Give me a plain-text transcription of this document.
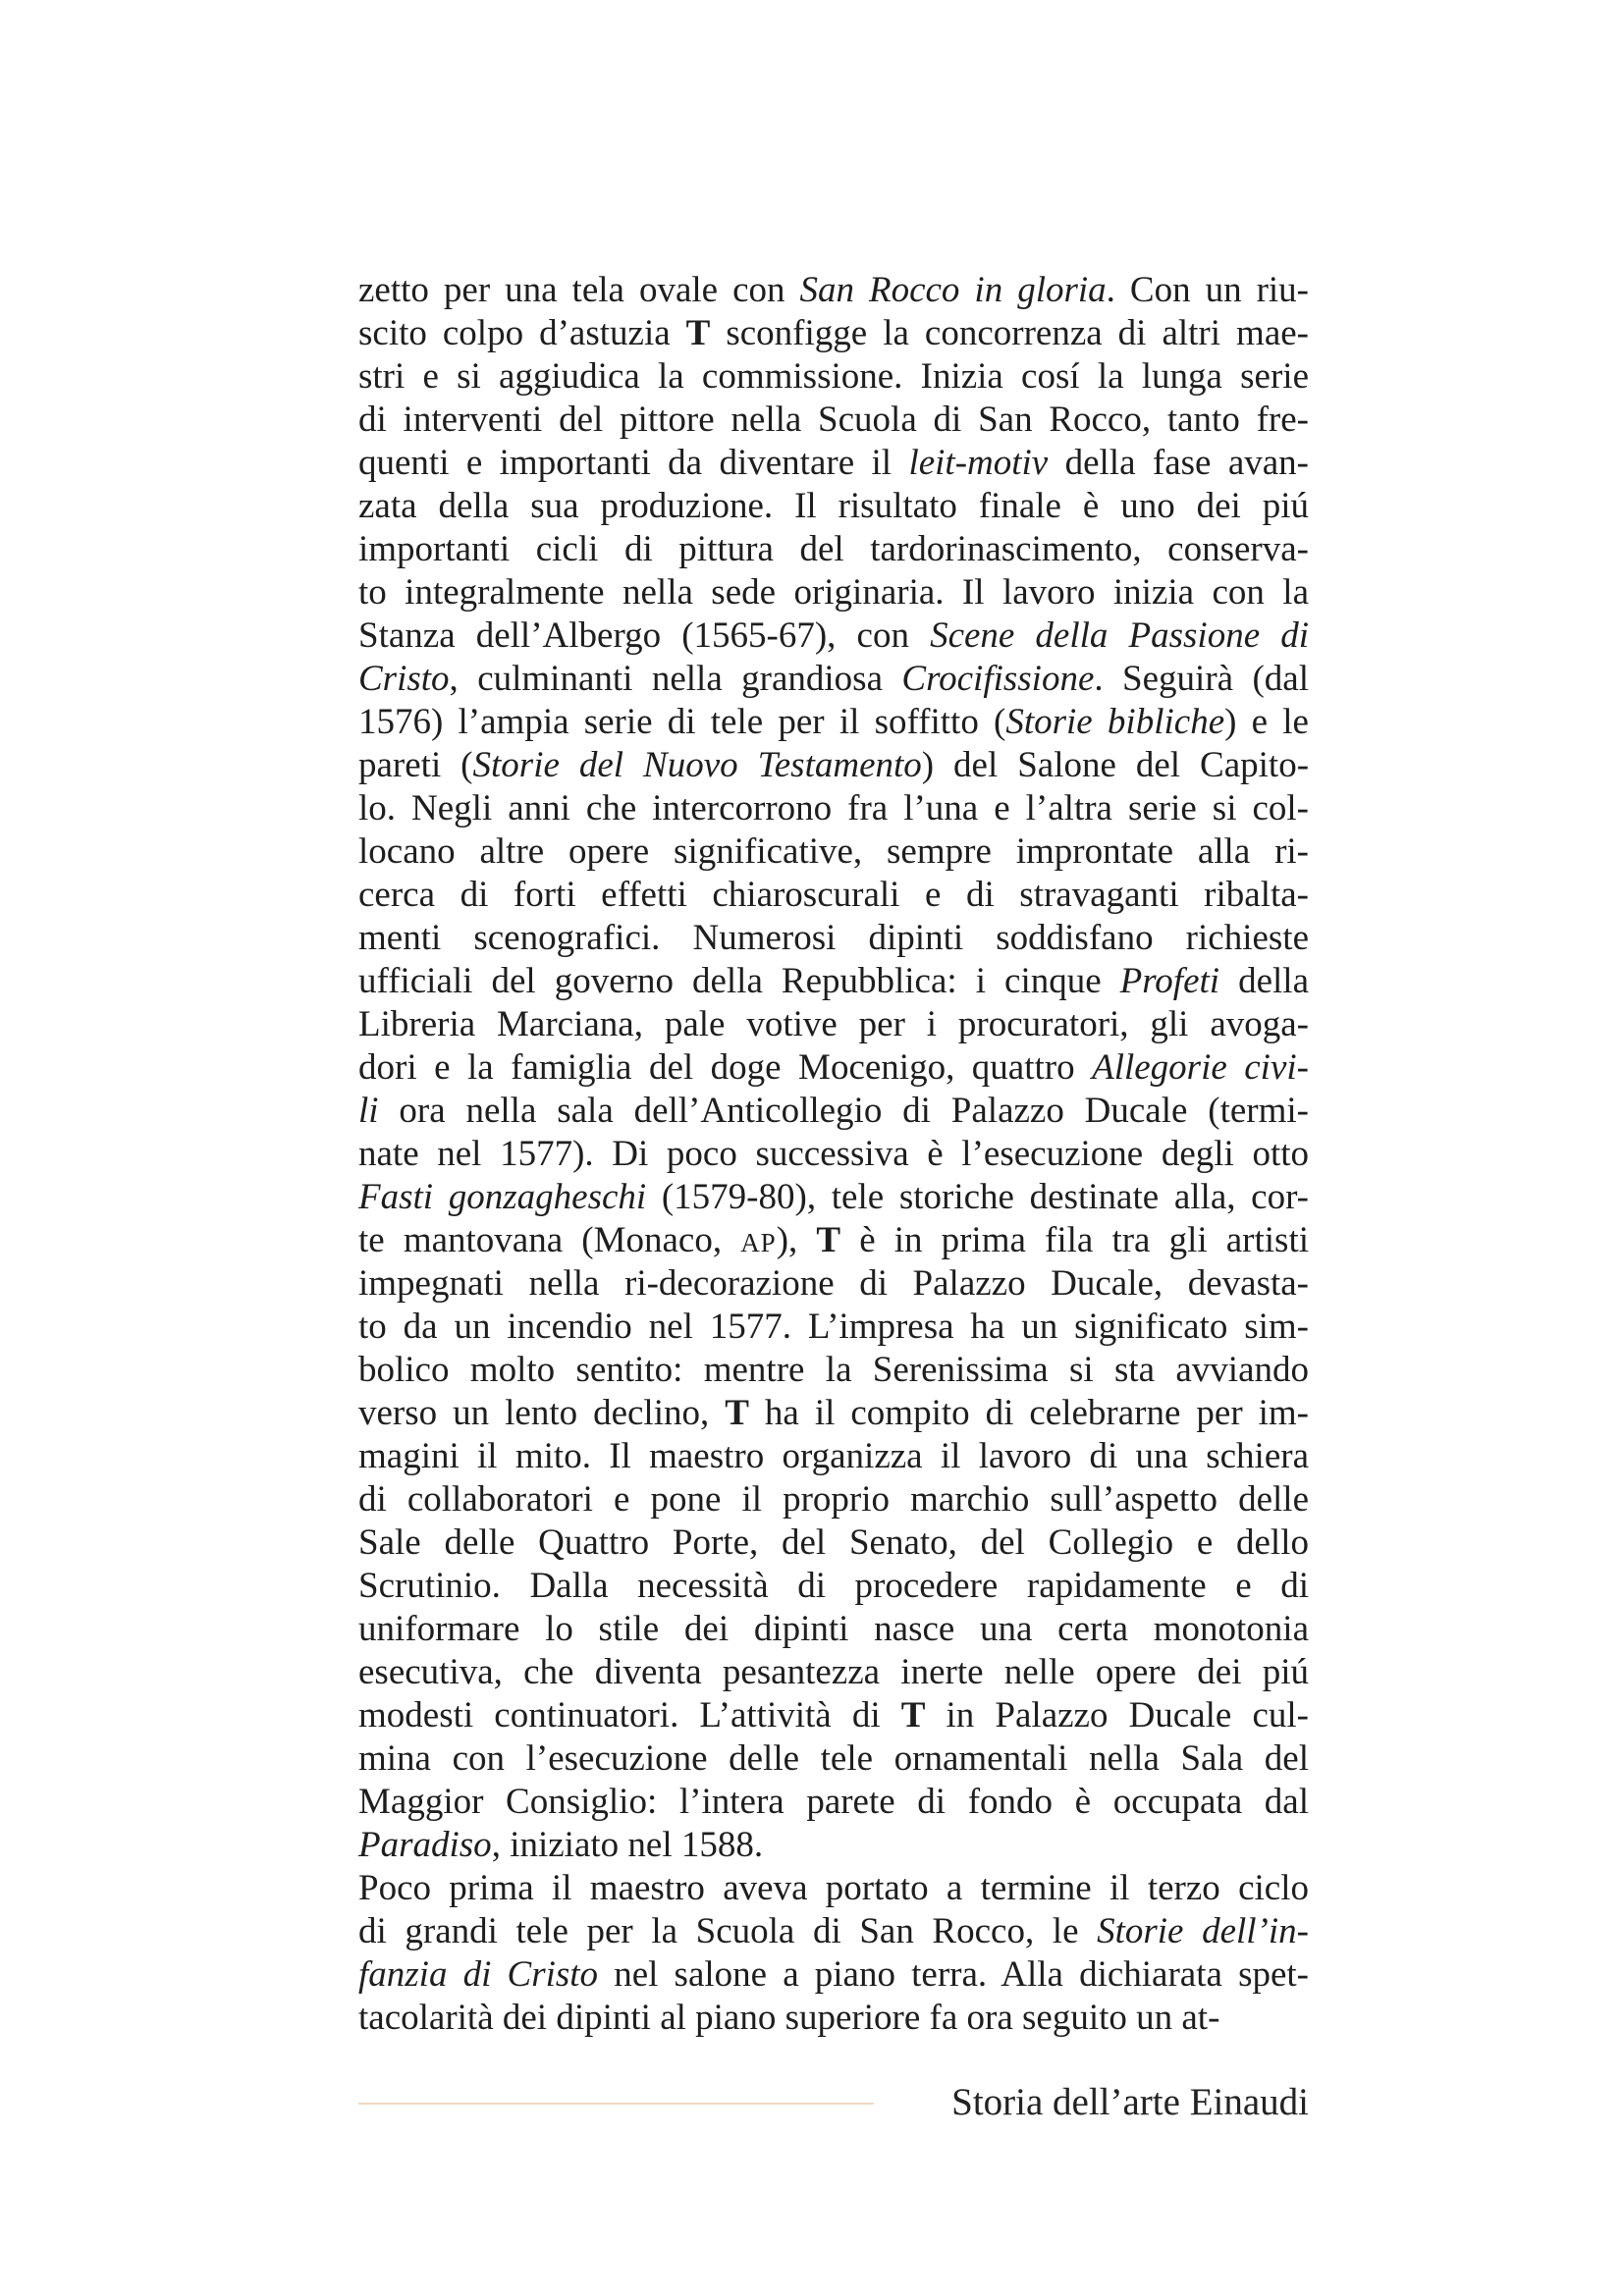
zetto per una tela ovale con San Rocco in gloria. Con un riu-
scito colpo d’astuzia T sconfigge la concorrenza di altri mae-
stri e si aggiudica la commissione. Inizia cosí la lunga serie
di interventi del pittore nella Scuola di San Rocco, tanto fre-
quenti e importanti da diventare il leit-motiv della fase avan-
zata della sua produzione. Il risultato finale è uno dei piú
importanti cicli di pittura del tardorinascimento, conserva-
to integralmente nella sede originaria. Il lavoro inizia con la
Stanza dell’Albergo (1565-67), con Scene della Passione di
Cristo, culminanti nella grandiosa Crocifissione. Seguirà (dal
1576) l’ampia serie di tele per il soffitto (Storie bibliche) e le
pareti (Storie del Nuovo Testamento) del Salone del Capito-
lo. Negli anni che intercorrono fra l’una e l’altra serie si col-
locano altre opere significative, sempre improntate alla ri-
cerca di forti effetti chiaroscurali e di stravaganti ribalta-
menti scenografici. Numerosi dipinti soddisfano richieste
ufficiali del governo della Repubblica: i cinque Profeti della
Libreria Marciana, pale votive per i procuratori, gli avoga-
dori e la famiglia del doge Mocenigo, quattro Allegorie civi-
li ora nella sala dell’Anticollegio di Palazzo Ducale (termi-
nate nel 1577). Di poco successiva è l’esecuzione degli otto
Fasti gonzagheschi (1579-80), tele storiche destinate alla, cor-
te mantovana (Monaco, AP), T è in prima fila tra gli artisti
impegnati nella ri-decorazione di Palazzo Ducale, devasta-
to da un incendio nel 1577. L’impresa ha un significato sim-
bolico molto sentito: mentre la Serenissima si sta avviando
verso un lento declino, T ha il compito di celebrarne per im-
magini il mito. Il maestro organizza il lavoro di una schiera
di collaboratori e pone il proprio marchio sull’aspetto delle
Sale delle Quattro Porte, del Senato, del Collegio e dello
Scrutinio. Dalla necessità di procedere rapidamente e di
uniformare lo stile dei dipinti nasce una certa monotonia
esecutiva, che diventa pesantezza inerte nelle opere dei piú
modesti continuatori. L’attività di T in Palazzo Ducale cul-
mina con l’esecuzione delle tele ornamentali nella Sala del
Maggior Consiglio: l’intera parete di fondo è occupata dal
Paradiso, iniziato nel 1588.
Poco prima il maestro aveva portato a termine il terzo ciclo
di grandi tele per la Scuola di San Rocco, le Storie dell’in-
fanzia di Cristo nel salone a piano terra. Alla dichiarata spet-
tacolarità dei dipinti al piano superiore fa ora seguito un at-
Storia dell’arte Einaudi
